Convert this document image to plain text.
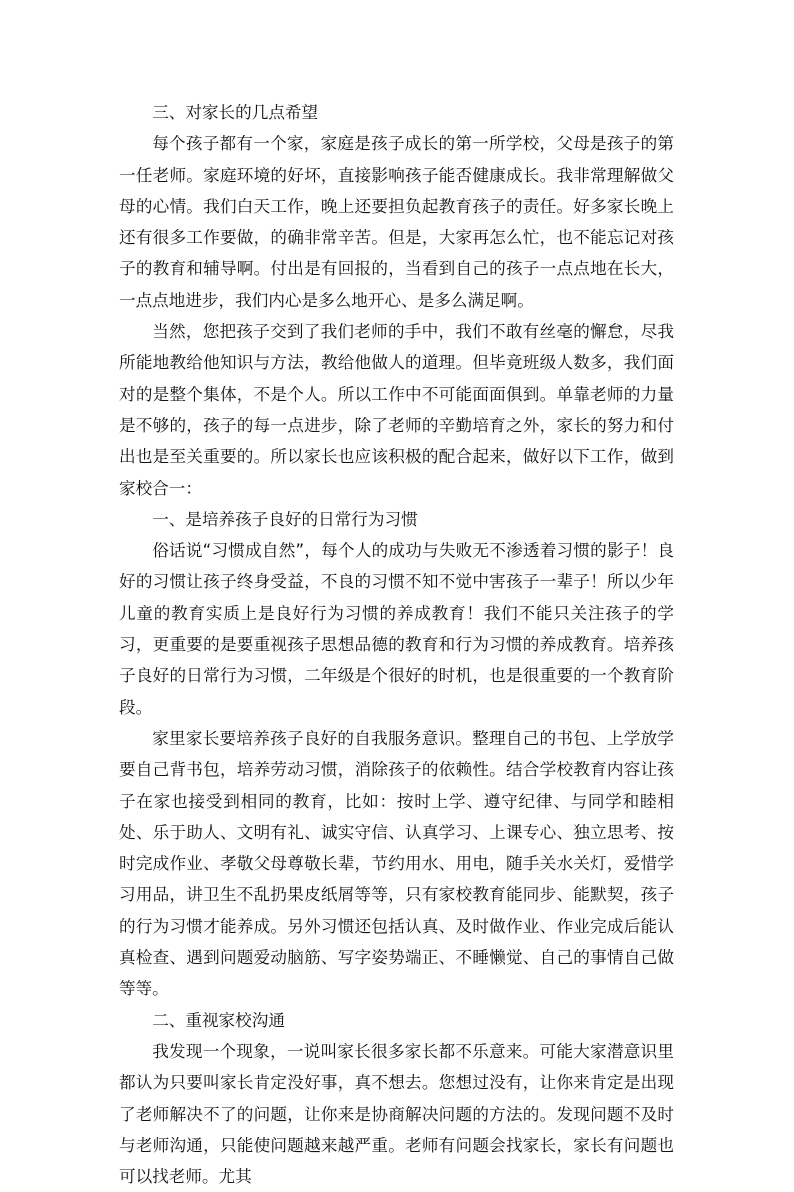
三、对家长的几点希望

每个孩子都有一个家，家庭是孩子成长的第一所学校，父母是孩子的第一任老师。家庭环境的好坏，直接影响孩子能否健康成长。我非常理解做父母的心情。我们白天工作，晚上还要担负起教育孩子的责任。好多家长晚上还有很多工作要做，的确非常辛苦。但是，大家再怎么忙，也不能忘记对孩子的教育和辅导啊。付出是有回报的，当看到自己的孩子一点点地在长大，一点点地进步，我们内心是多么地开心、是多么满足啊。

当然，您把孩子交到了我们老师的手中，我们不敢有丝毫的懈怠，尽我所能地教给他知识与方法，教给他做人的道理。但毕竟班级人数多，我们面对的是整个集体，不是个人。所以工作中不可能面面俱到。单靠老师的力量是不够的，孩子的每一点进步，除了老师的辛勤培育之外，家长的努力和付出也是至关重要的。所以家长也应该积极的配合起来，做好以下工作，做到家校合一：

一、是培养孩子良好的日常行为习惯

俗话说“习惯成自然”，每个人的成功与失败无不渗透着习惯的影子！良好的习惯让孩子终身受益，不良的习惯不知不觉中害孩子一辈子！所以少年儿童的教育实质上是良好行为习惯的养成教育！我们不能只关注孩子的学习，更重要的是要重视孩子思想品德的教育和行为习惯的养成教育。培养孩子良好的日常行为习惯，二年级是个很好的时机，也是很重要的一个教育阶段。

家里家长要培养孩子良好的自我服务意识。整理自己的书包、上学放学要自己背书包，培养劳动习惯，消除孩子的依赖性。结合学校教育内容让孩子在家也接受到相同的教育，比如：按时上学、遵守纪律、与同学和睦相处、乐于助人、文明有礼、诚实守信、认真学习、上课专心、独立思考、按时完成作业、孝敬父母尊敬长辈，节约用水、用电，随手关水关灯，爱惜学习用品，讲卫生不乱扔果皮纸屑等等，只有家校教育能同步、能默契，孩子的行为习惯才能养成。另外习惯还包括认真、及时做作业、作业完成后能认真检查、遇到问题爱动脑筋、写字姿势端正、不睡懒觉、自己的事情自己做等等。

二、重视家校沟通

我发现一个现象，一说叫家长很多家长都不乐意来。可能大家潜意识里都认为只要叫家长肯定没好事，真不想去。您想过没有，让你来肯定是出现了老师解决不了的问题，让你来是协商解决问题的方法的。发现问题不及时与老师沟通，只能使问题越来越严重。老师有问题会找家长，家长有问题也可以找老师。尤其
